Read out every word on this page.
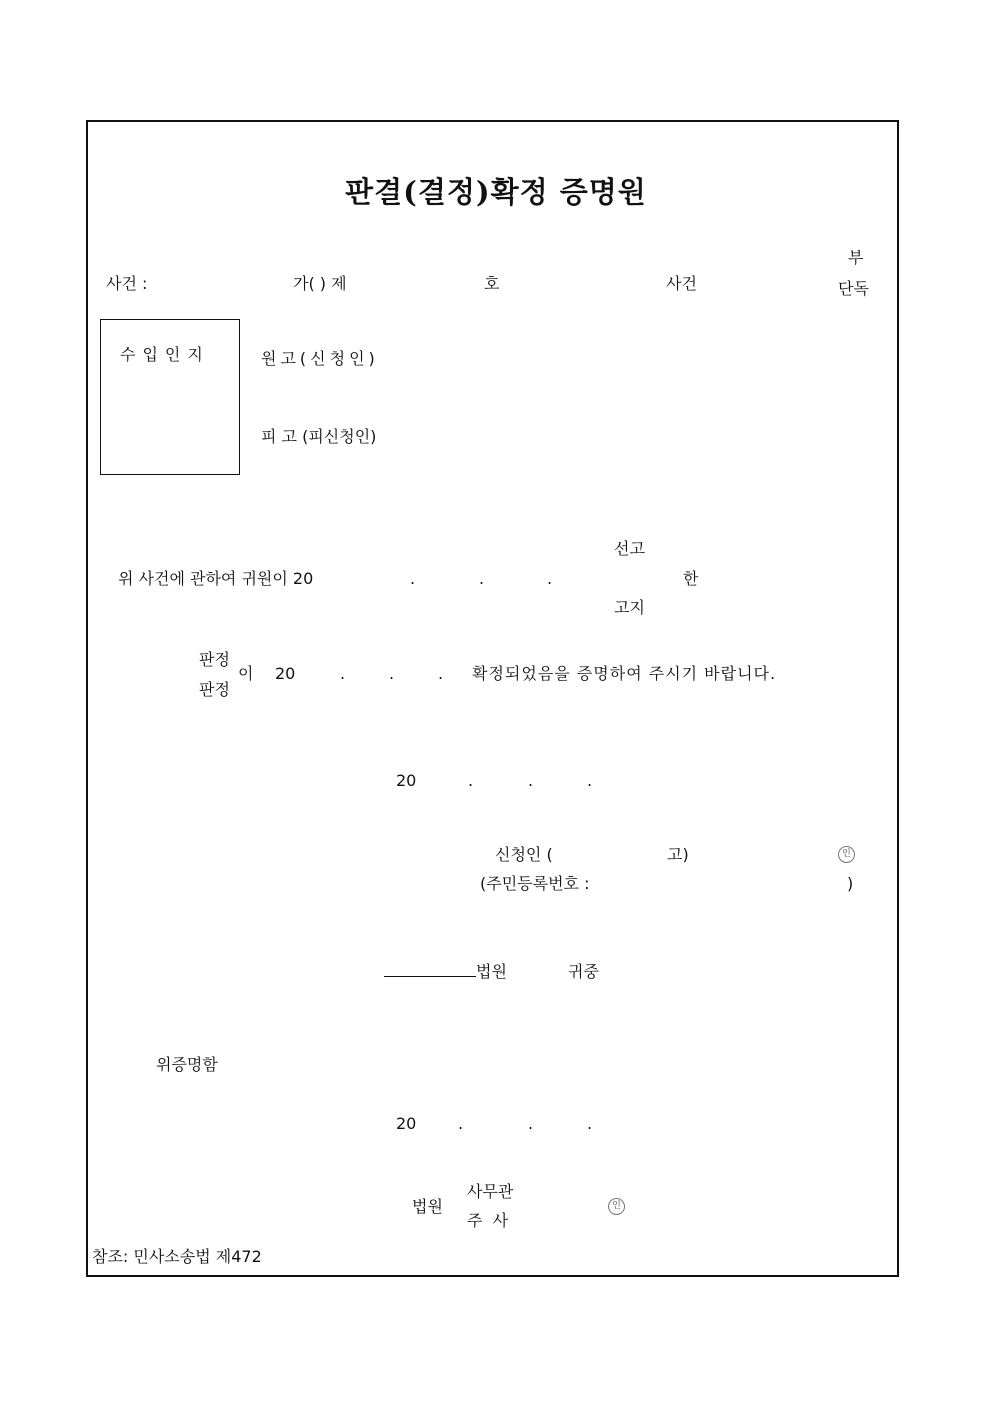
판결(결정)확정 증명원
사건 :	가( ) 제	호	사건
부
단독
수입인지	원고(신청인)
피 고 (피신청인)
선고
위 사건에 관하여 귀원이 20	.	.	.	한
고지
판정
이 20	.	.	. 확정되었음을 증명하여 주시기 바랍니다.
판정
20	.	.	.
신청인 (	고)	인
(주민등록번호 :	)
법원	귀중
위증명함
20	.	.	.
법원
사무관
주  사
인
참조: 민사소송법 제472
